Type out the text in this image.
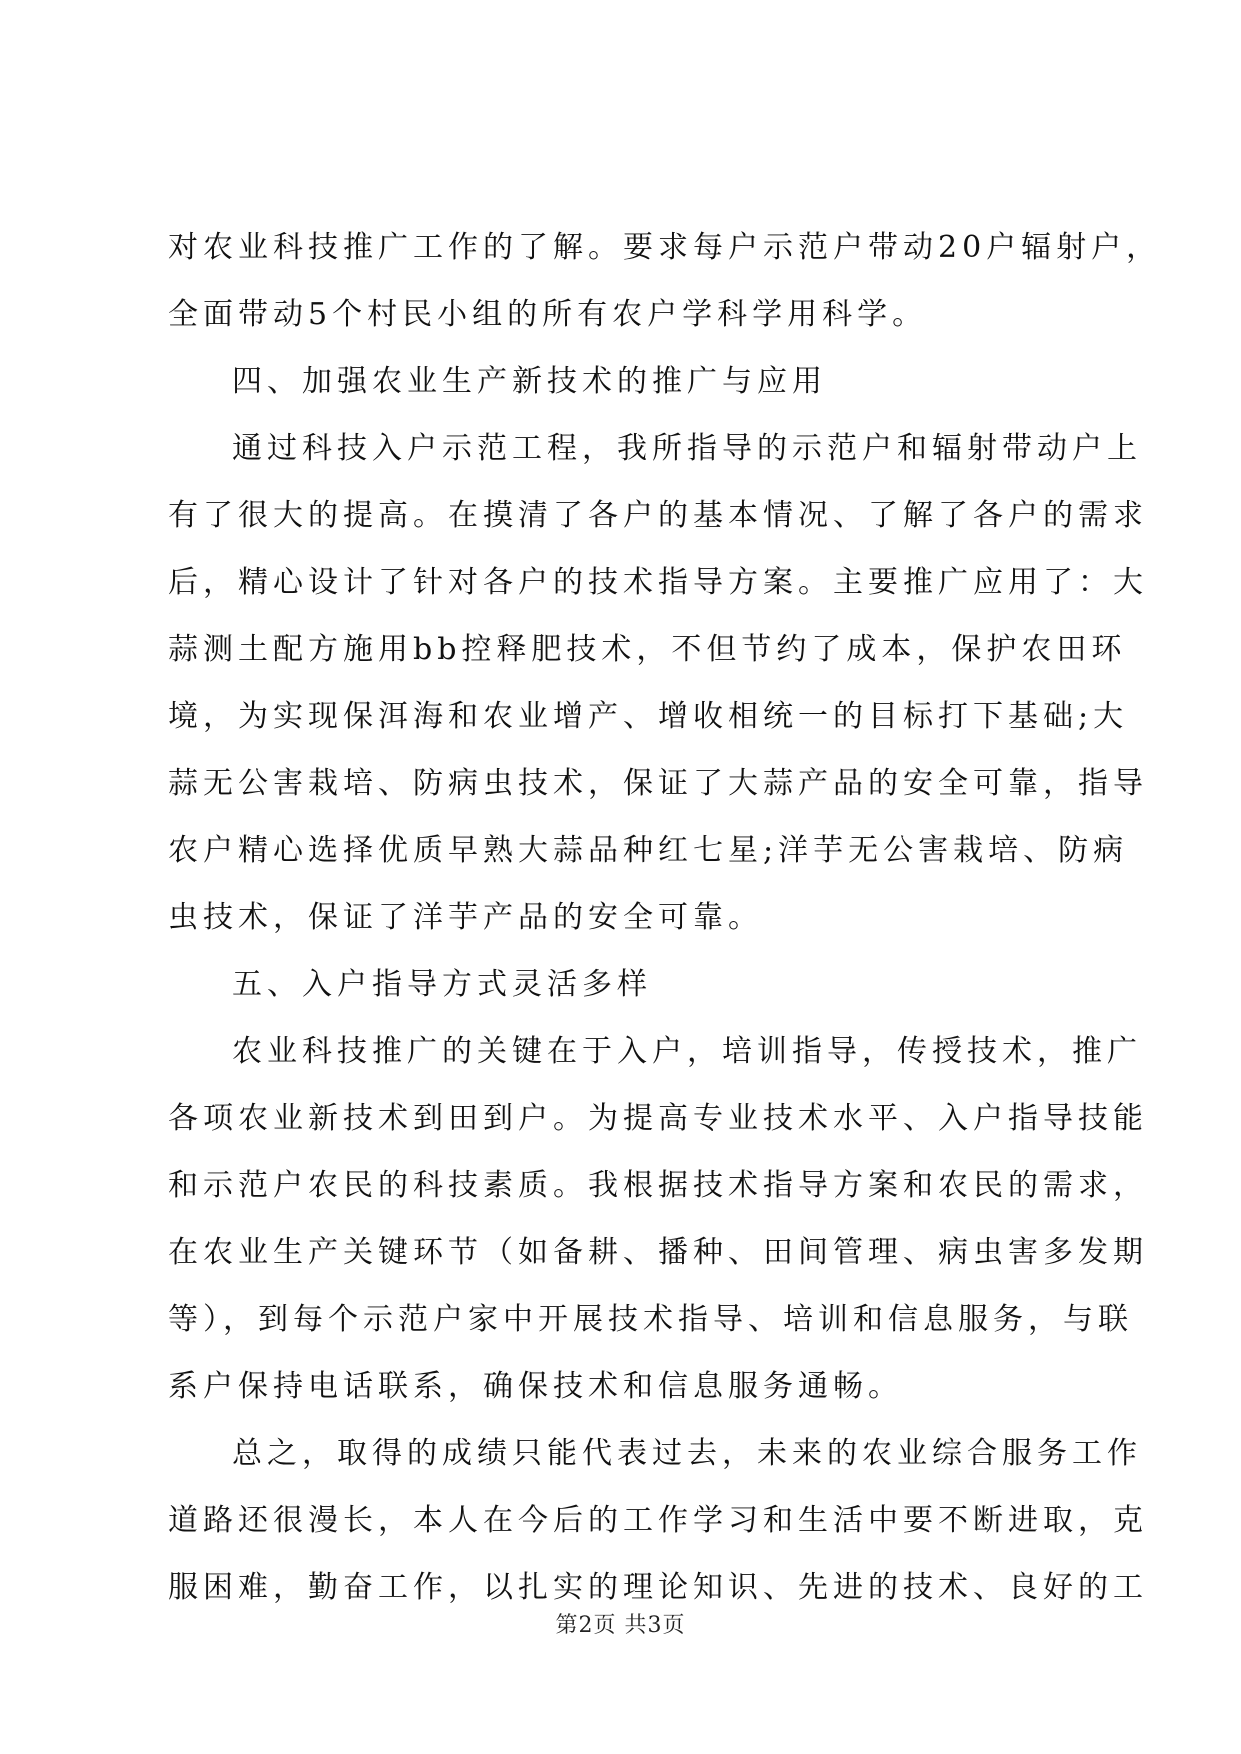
对农业科技推广工作的了解。要求每户示范户带动20户辐射户，
全面带动5个村民小组的所有农户学科学用科学。
四、加强农业生产新技术的推广与应用
通过科技入户示范工程，我所指导的示范户和辐射带动户上
有了很大的提高。在摸清了各户的基本情况、了解了各户的需求
后，精心设计了针对各户的技术指导方案。主要推广应用了：大
蒜测土配方施用bb控释肥技术，不但节约了成本，保护农田环
境，为实现保洱海和农业增产、增收相统一的目标打下基础;大
蒜无公害栽培、防病虫技术，保证了大蒜产品的安全可靠，指导
农户精心选择优质早熟大蒜品种红七星;洋芋无公害栽培、防病
虫技术，保证了洋芋产品的安全可靠。
五、入户指导方式灵活多样
农业科技推广的关键在于入户，培训指导，传授技术，推广
各项农业新技术到田到户。为提高专业技术水平、入户指导技能
和示范户农民的科技素质。我根据技术指导方案和农民的需求，
在农业生产关键环节（如备耕、播种、田间管理、病虫害多发期
等），到每个示范户家中开展技术指导、培训和信息服务，与联
系户保持电话联系，确保技术和信息服务通畅。
总之，取得的成绩只能代表过去，未来的农业综合服务工作
道路还很漫长，本人在今后的工作学习和生活中要不断进取，克
服困难，勤奋工作，以扎实的理论知识、先进的技术、良好的工
第2页 共3页
